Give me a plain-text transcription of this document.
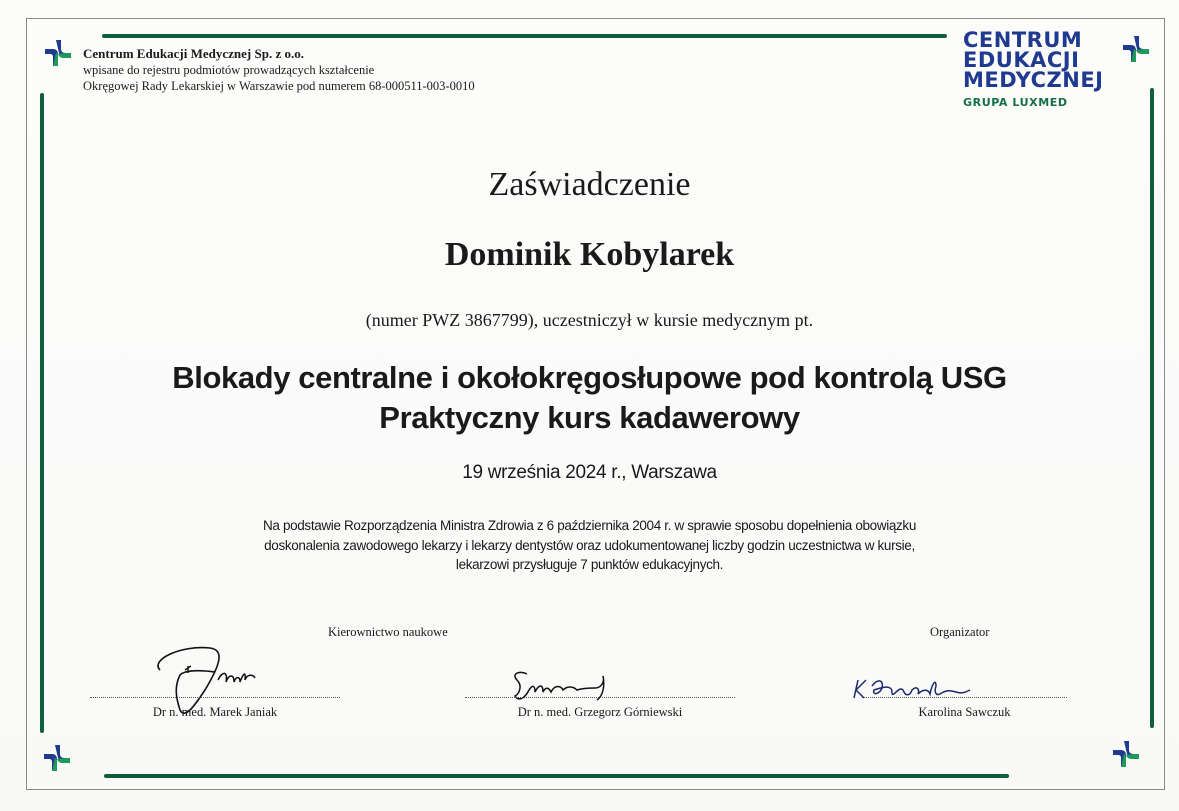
Centrum Edukacji Medycznej Sp. z o.o.
wpisane do rejestru podmiotów prowadzących kształcenie
Okręgowej Rady Lekarskiej w Warszawie pod numerem 68-000511-003-0010
CENTRUM
EDUKACJI
MEDYCZNEJ
GRUPA LUXMED
Zaświadczenie
Dominik Kobylarek
(numer PWZ 3867799), uczestniczył w kursie medycznym pt.
Blokady centralne i okołokręgosłupowe pod kontrolą USG
Praktyczny kurs kadawerowy
19 września 2024 r., Warszawa
Na podstawie Rozporządzenia Ministra Zdrowia z 6 października 2004 r. w sprawie sposobu dopełnienia obowiązku
doskonalenia zawodowego lekarzy i lekarzy dentystów oraz udokumentowanej liczby godzin uczestnictwa w kursie,
lekarzowi przysługuje 7 punktów edukacyjnych.
Kierownictwo naukowe	Organizator
Dr n. med. Marek Janiak	Dr n. med. Grzegorz Górniewski	Karolina Sawczuk
